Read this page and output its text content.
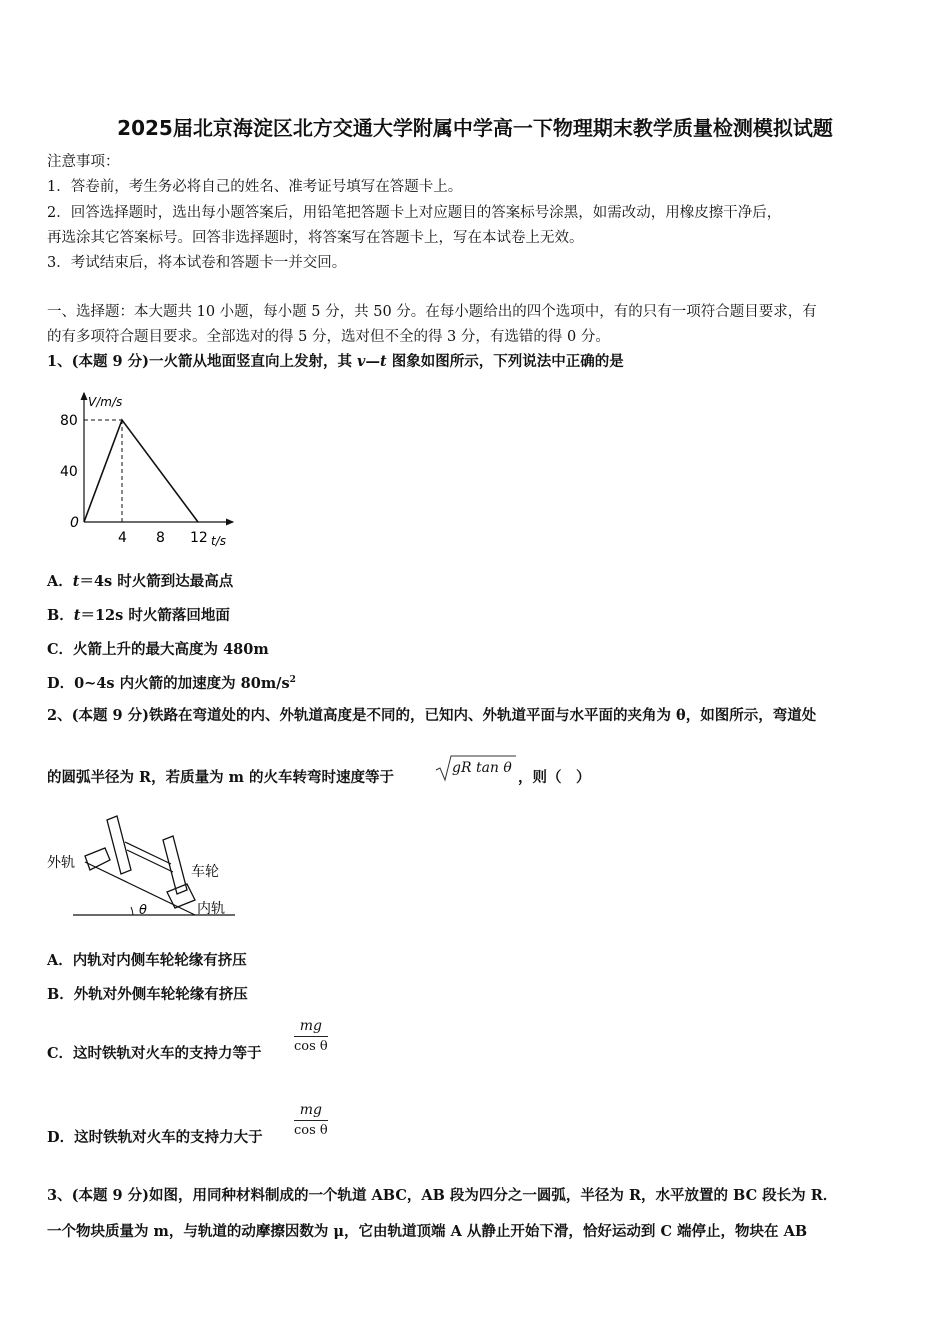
2025届北京海淀区北方交通大学附属中学高一下物理期末教学质量检测模拟试题
注意事项：
1．答卷前，考生务必将自己的姓名、准考证号填写在答题卡上。
2．回答选择题时，选出每小题答案后，用铅笔把答题卡上对应题目的答案标号涂黑，如需改动，用橡皮擦干净后，
再选涂其它答案标号。回答非选择题时，将答案写在答题卡上，写在本试卷上无效。
3．考试结束后，将本试卷和答题卡一并交回。
一、选择题：本大题共 10 小题，每小题 5 分，共 50 分。在每小题给出的四个选项中，有的只有一项符合题目要求，有
的有多项符合题目要求。全部选对的得 5 分，选对但不全的得 3 分，有选错的得 0 分。
1、(本题 9 分)一火箭从地面竖直向上发射，其 v—t 图象如图所示，下列说法中正确的是
4 8 12
80
40
0
V/m/s
t/s
A．t＝4s 时火箭到达最高点
B．t＝12s 时火箭落回地面
C．火箭上升的最大高度为 480m
D．0~4s 内火箭的加速度为 $80m/s^2$
2、(本题 9 分)铁路在弯道处的内、外轨道高度是不同的，已知内、外轨道平面与水平面的夹角为 θ，如图所示，弯道处
的圆弧半径为 R，若质量为 m 的火车转弯时速度等于
gR tan θ
，则（　）
外轨
车轮
内轨
θ
A．内轨对内侧车轮轮缘有挤压
B．外轨对外侧车轮轮缘有挤压
C．这时铁轨对火车的支持力等于
mg
cos θ
D．这时铁轨对火车的支持力大于
mg
cos θ
3、(本题 9 分)如图，用同种材料制成的一个轨道 ABC，AB 段为四分之一圆弧，半径为 R，水平放置的 BC 段长为 R．
一个物块质量为 m，与轨道的动摩擦因数为 μ，它由轨道顶端 A 从静止开始下滑，恰好运动到 C 端停止，物块在 AB
